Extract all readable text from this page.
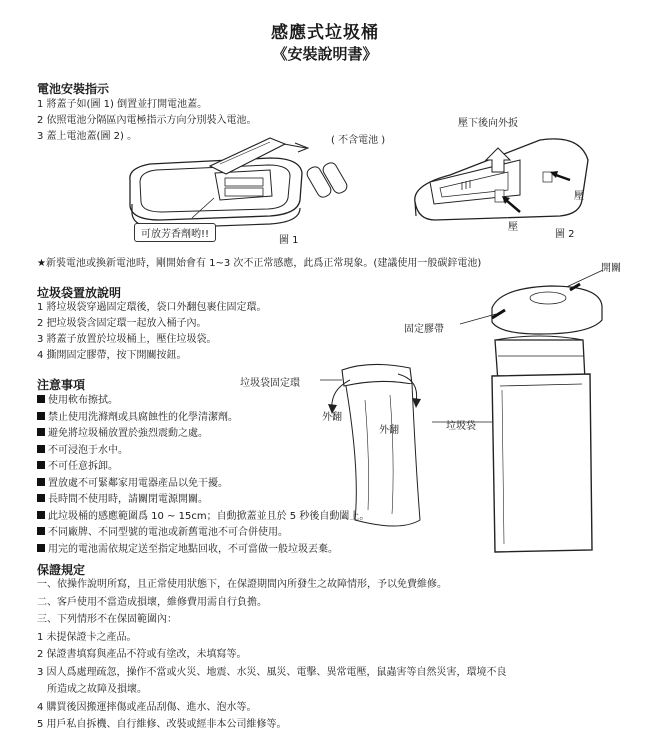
感應式垃圾桶
《安裝說明書》
電池安裝指示
1 將蓋子如(圖 1) 倒置並打開電池蓋。
2 依照電池分隔區內電極指示方向分別裝入電池。
3 蓋上電池蓋(圖 2) 。
可放芳香劑哟!!
( 不含電池 )
圖 1
壓下後向外扳
壓
壓
圖 2
★新裝電池或換新電池時，剛開始會有 1~3 次不正常感應，此爲正常現象。(建議使用一般碳鋅電池)	開關
垃圾袋置放說明
1 將垃圾袋穿過固定環後，袋口外翻包裹住固定環。
2 把垃圾袋含固定環一起放入桶子內。
3 將蓋子放置於垃圾桶上，壓住垃圾袋。
4 撕開固定膠帶，按下開關按鈕。
固定膠帶
垃圾袋固定環
外翻
外翻	垃圾袋
注意事項
使用軟布擦拭。
禁止使用洗滌劑或具腐蝕性的化學清潔劑。
避免將垃圾桶放置於強烈震動之處。
不可浸泡于水中。
不可任意拆卸。
置放處不可緊鄰家用電器產品以免干擾。
長時間不使用時，請關閉電源開關。
此垃圾桶的感應範圍爲 10 ~ 15cm；自動掀蓋並且於 5 秒後自動闔上。
不同廠牌、不同型號的電池或新舊電池不可合併使用。
用完的電池需依規定送至指定地點回收，不可當做一般垃圾丟棄。
保證規定
一、依操作說明所寫，且正常使用狀態下，在保證期間內所發生之故障情形，予以免費維修。
二、客戶使用不當造成損壞，維修費用需自行負擔。
三、下列情形不在保固範圍內：
1 未提保證卡之產品。
2 保證書填寫與產品不符或有塗改，未填寫等。
3 因人爲處理疏忽，操作不當或火災、地震、水災、風災、電擊、異常電壓，鼠蟲害等自然災害，環境不良
所造成之故障及損壞。
4 購買後因搬運摔傷或產品刮傷、進水、泡水等。
5 用戶私自拆機、自行維修、改裝或經非本公司維修等。
